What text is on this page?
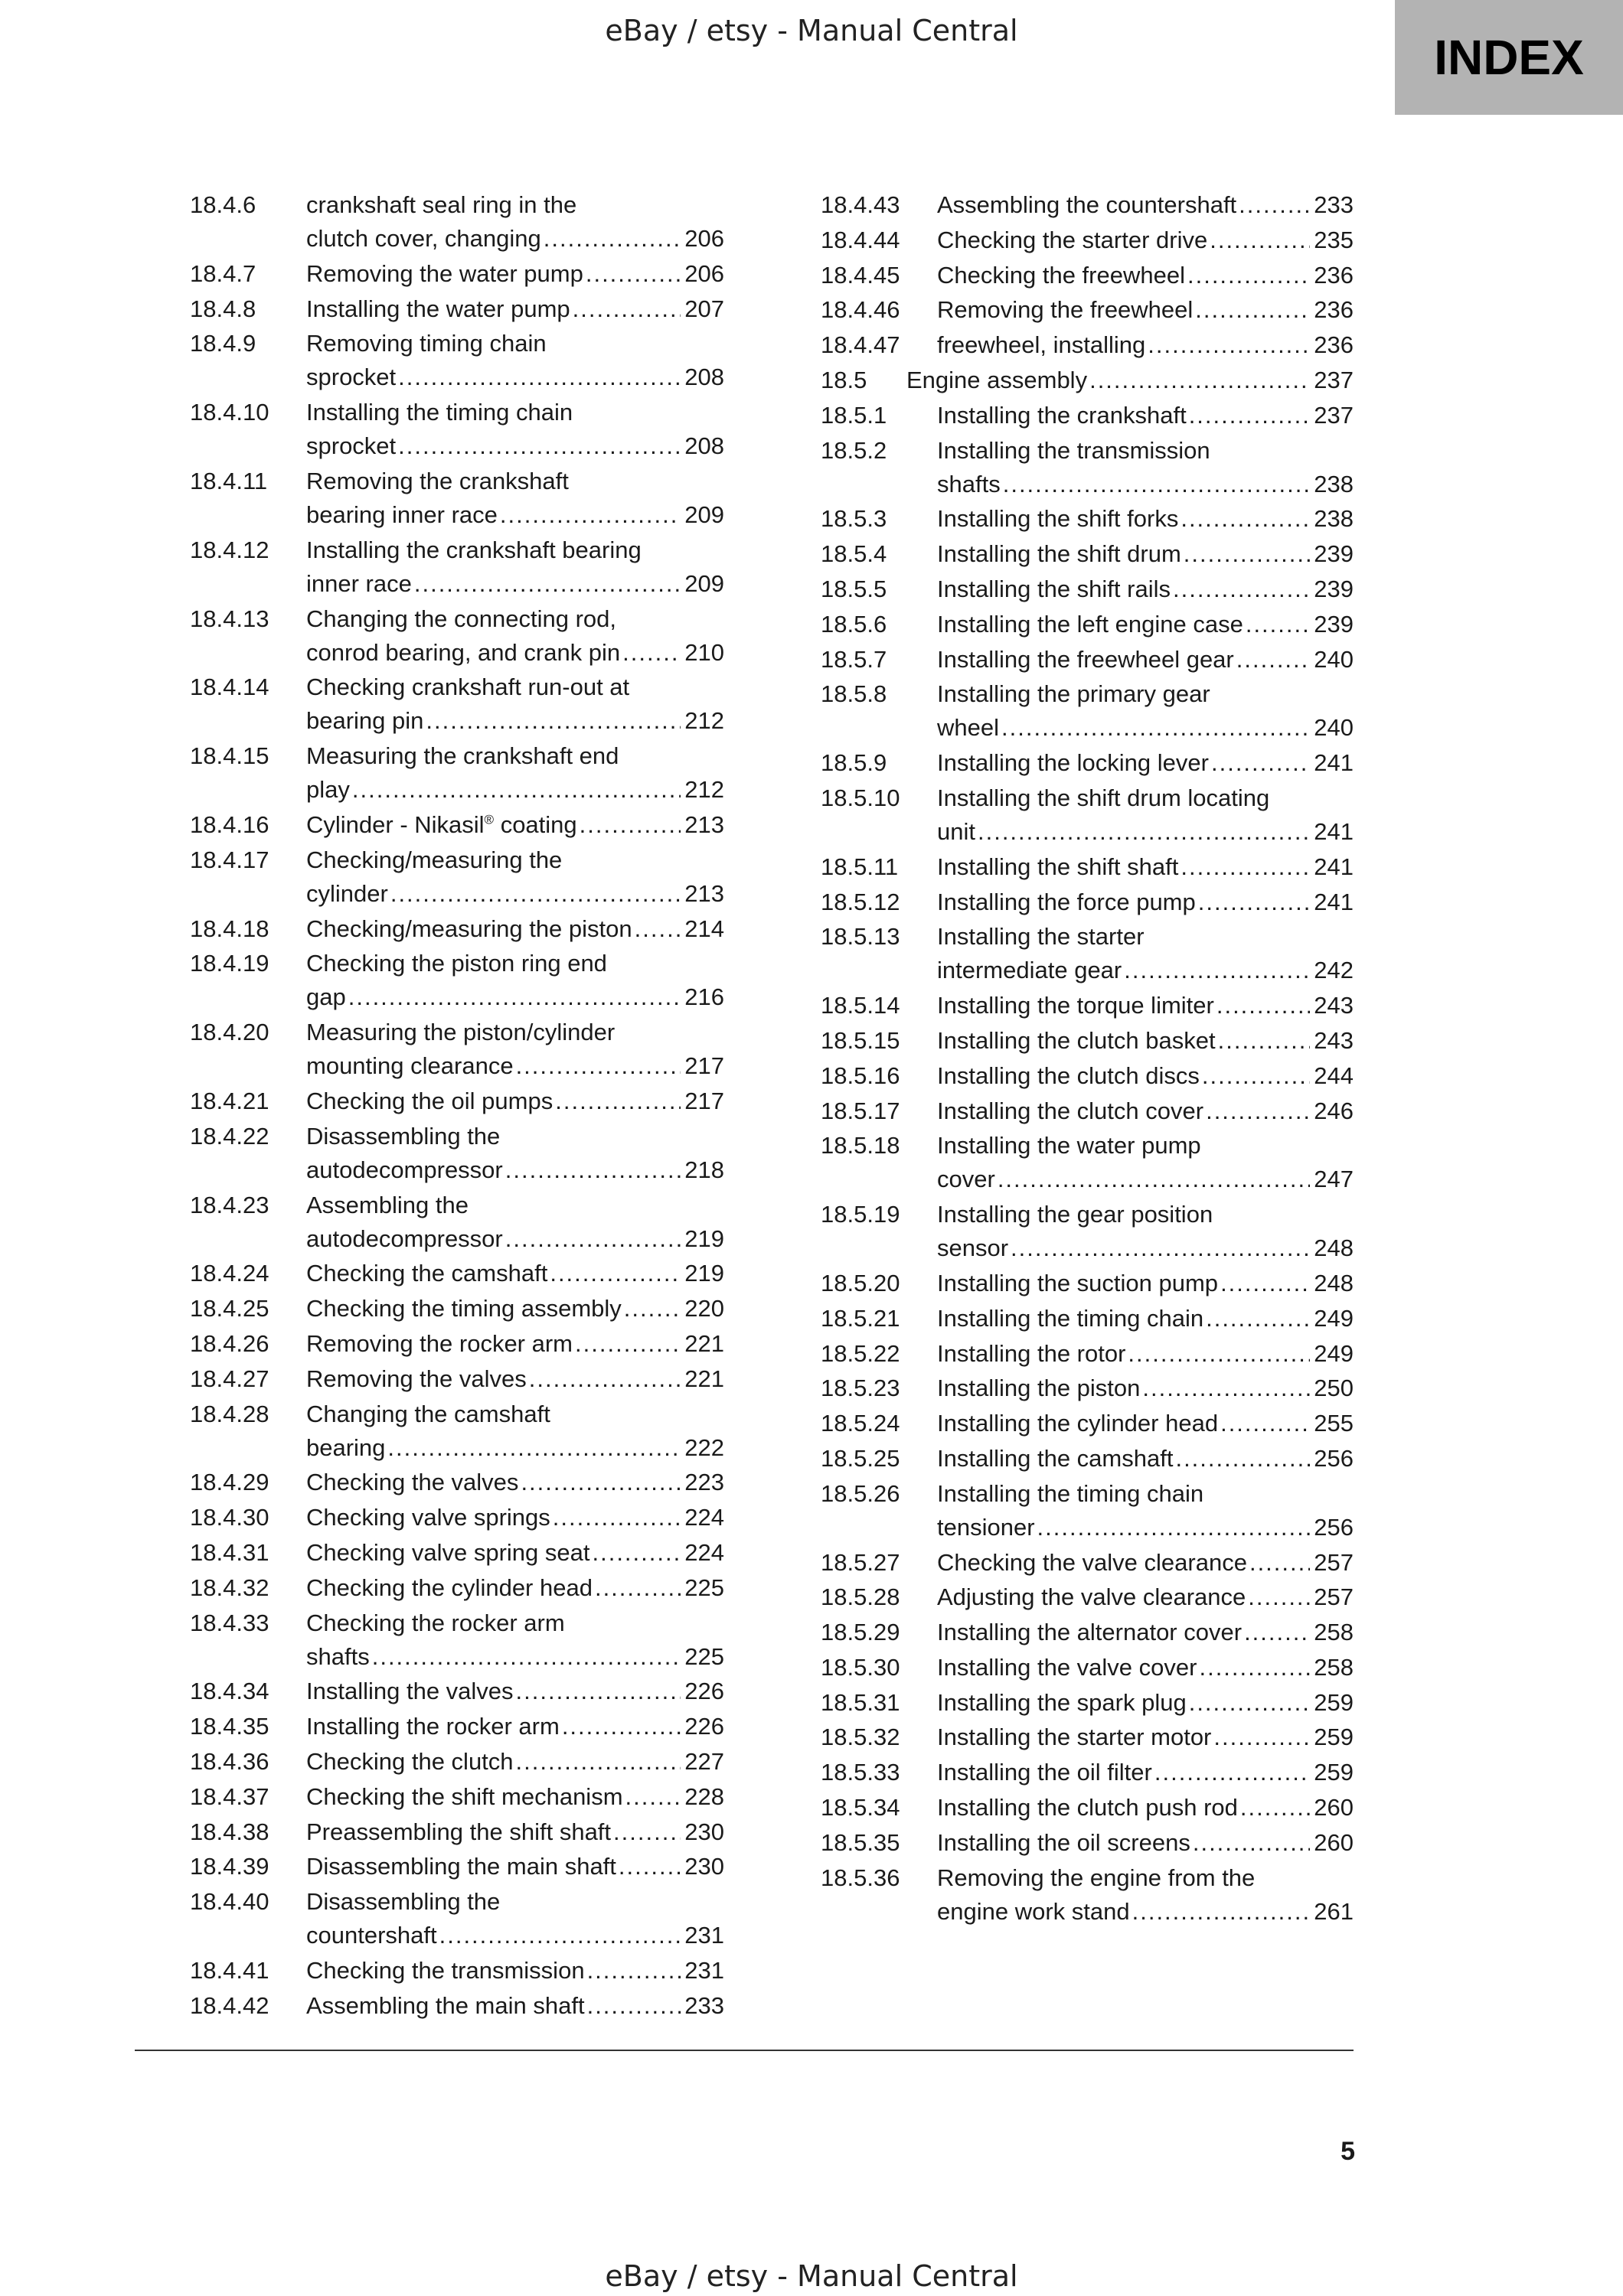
eBay / etsy - Manual Central	INDEX
18.4.6 crankshaft seal ring in the
clutch cover, changing .....	206
18.4.7 Removing the water pump .....	206
18.4.8 Installing the water pump .....	207
18.4.9 Removing timing chain
sprocket .....	208
18.4.10 Installing the timing chain
sprocket .....	208
18.4.11 Removing the crankshaft
bearing inner race .....	209
18.4.12 Installing the crankshaft bearing
inner race .....	209
18.4.13 Changing the connecting rod,
conrod bearing, and crank pin .....	210
18.4.14 Checking crankshaft run-out at
bearing pin .....	212
18.4.15 Measuring the crankshaft end
play .....	212
18.4.16 Cylinder - Nikasil® coating .....	213
18.4.17 Checking/measuring the
cylinder .....	213
18.4.18 Checking/measuring the piston ..... 214
18.4.19 Checking the piston ring end
gap .....	216
18.4.20 Measuring the piston/cylinder
mounting clearance .....	217
18.4.21 Checking the oil pumps .....	217
18.4.22 Disassembling the
autodecompressor .....	218
18.4.23 Assembling the
autodecompressor .....	219
18.4.24 Checking the camshaft .....	219
18.4.25 Checking the timing assembly .....	220
18.4.26 Removing the rocker arm .....	221
18.4.27 Removing the valves .....	221
18.4.28 Changing the camshaft
bearing .....	222
18.4.29 Checking the valves .....	223
18.4.30 Checking valve springs .....	224
18.4.31 Checking valve spring seat .....	224
18.4.32 Checking the cylinder head .....	225
18.4.33 Checking the rocker arm
shafts .....	225
18.4.34 Installing the valves .....	226
18.4.35 Installing the rocker arm .....	226
18.4.36 Checking the clutch .....	227
18.4.37 Checking the shift mechanism .....	228
18.4.38 Preassembling the shift shaft .....	230
18.4.39 Disassembling the main shaft .....	230
18.4.40 Disassembling the
countershaft .....	231
18.4.41 Checking the transmission .....	231
18.4.42 Assembling the main shaft .....	233
18.4.43 Assembling the countershaft .....	233
18.4.44 Checking the starter drive .....	235
18.4.45 Checking the freewheel .....	236
18.4.46 Removing the freewheel .....	236
18.4.47 freewheel, installing .....	236
18.5 Engine assembly .....	237
18.5.1 Installing the crankshaft .....	237
18.5.2 Installing the transmission
shafts .....	238
18.5.3 Installing the shift forks .....	238
18.5.4 Installing the shift drum .....	239
18.5.5 Installing the shift rails .....	239
18.5.6 Installing the left engine case .....	239
18.5.7 Installing the freewheel gear .....	240
18.5.8 Installing the primary gear
wheel .....	240
18.5.9 Installing the locking lever .....	241
18.5.10 Installing the shift drum locating
unit .....	241
18.5.11 Installing the shift shaft .....	241
18.5.12 Installing the force pump .....	241
18.5.13 Installing the starter
intermediate gear .....	242
18.5.14 Installing the torque limiter .....	243
18.5.15 Installing the clutch basket .....	243
18.5.16 Installing the clutch discs .....	244
18.5.17 Installing the clutch cover .....	246
18.5.18 Installing the water pump
cover .....	247
18.5.19 Installing the gear position
sensor .....	248
18.5.20 Installing the suction pump .....	248
18.5.21 Installing the timing chain .....	249
18.5.22 Installing the rotor .....	249
18.5.23 Installing the piston .....	250
18.5.24 Installing the cylinder head .....	255
18.5.25 Installing the camshaft .....	256
18.5.26 Installing the timing chain
tensioner .....	256
18.5.27 Checking the valve clearance .....	257
18.5.28 Adjusting the valve clearance .....	257
18.5.29 Installing the alternator cover .....	258
18.5.30 Installing the valve cover .....	258
18.5.31 Installing the spark plug .....	259
18.5.32 Installing the starter motor .....	259
18.5.33 Installing the oil filter .....	259
18.5.34 Installing the clutch push rod .....	260
18.5.35 Installing the oil screens .....	260
18.5.36 Removing the engine from the
engine work stand .....	261
5
eBay / etsy - Manual Central
